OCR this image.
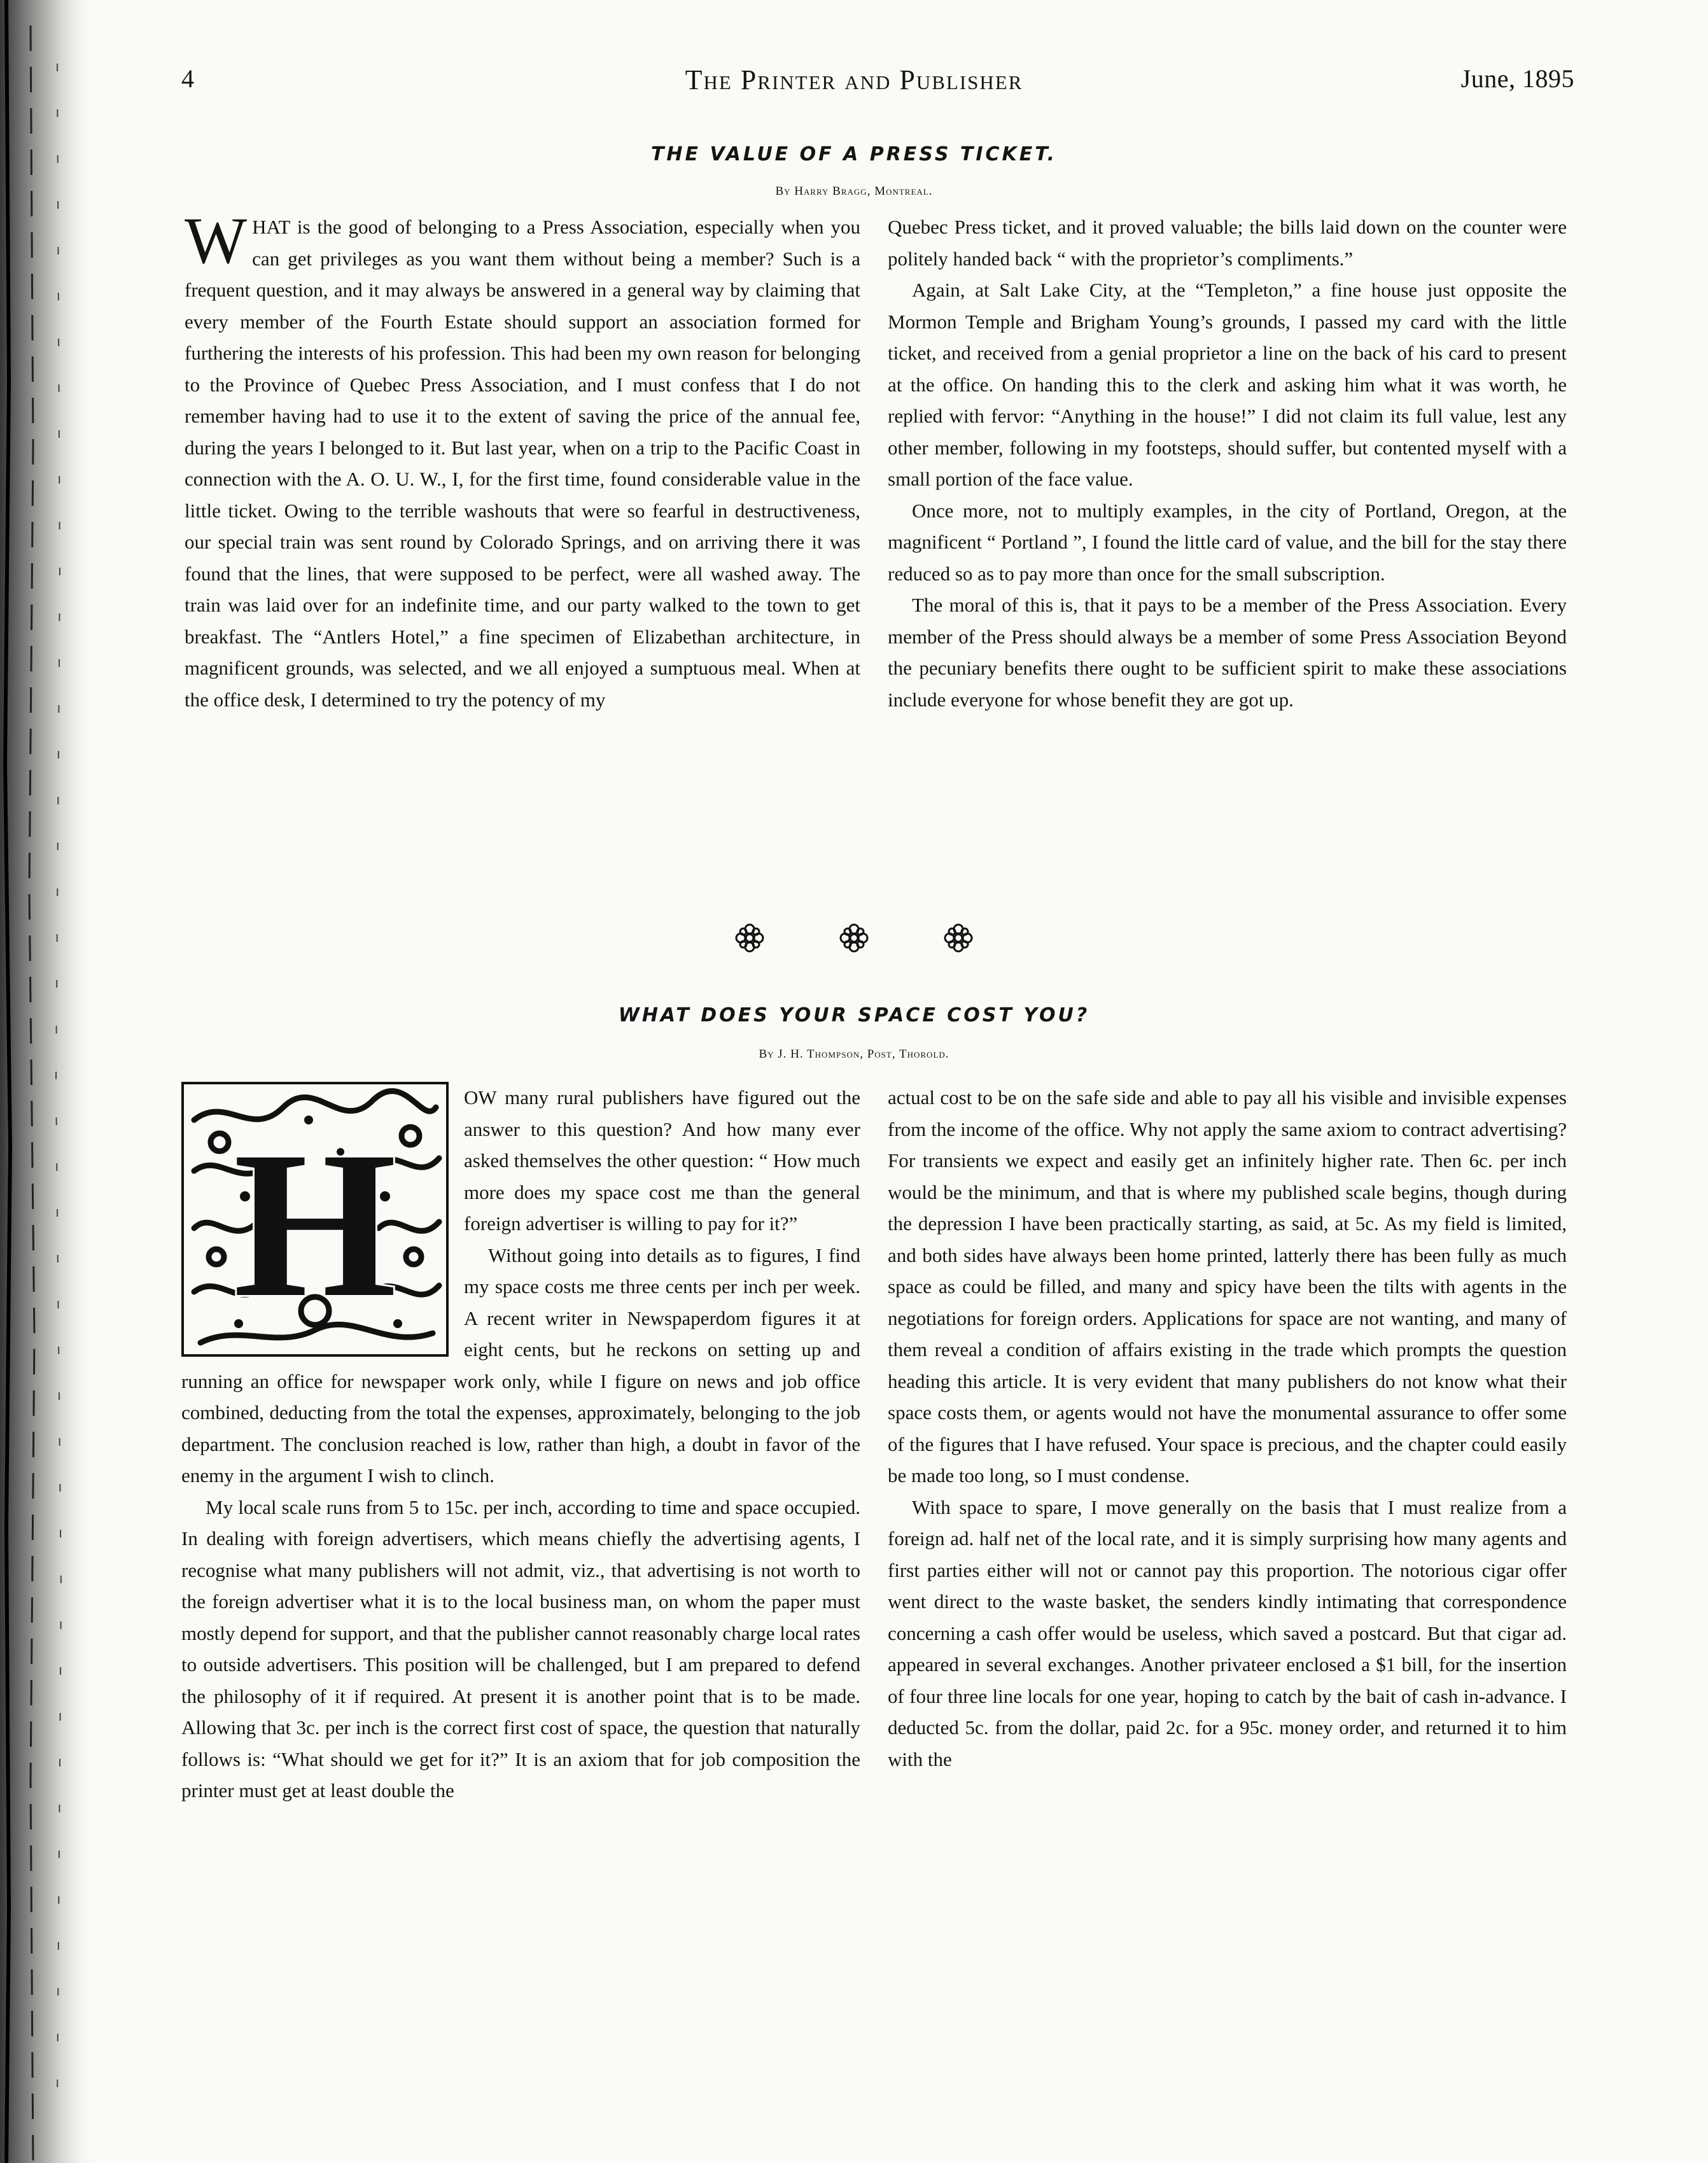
4	The Printer and Publisher	June, 1895
THE VALUE OF A PRESS TICKET.
By Harry Bragg, Montreal.

WHAT is the good of belonging to a Press Association, especially when you can get privileges as you want them without being a member? Such is a frequent question, and it may always be answered in a general way by claiming that every member of the Fourth Estate should support an association formed for furthering the interests of his profession. This had been my own reason for belonging to the Province of Quebec Press Association, and I must confess that I do not remember having had to use it to the extent of saving the price of the annual fee, during the years I belonged to it. But last year, when on a trip to the Pacific Coast in connection with the A. O. U. W., I, for the first time, found considerable value in the little ticket. Owing to the terrible washouts that were so fearful in destructiveness, our special train was sent round by Colorado Springs, and on arriving there it was found that the lines, that were supposed to be perfect, were all washed away. The train was laid over for an indefinite time, and our party walked to the town to get breakfast. The “Antlers Hotel,” a fine specimen of Elizabethan architecture, in magnificent grounds, was selected, and we all enjoyed a sumptuous meal. When at the office desk, I determined to try the potency of my

Quebec Press ticket, and it proved valuable; the bills laid down on the counter were politely handed back “ with the proprietor’s compliments.”

Again, at Salt Lake City, at the “Templeton,” a fine house just opposite the Mormon Temple and Brigham Young’s grounds, I passed my card with the little ticket, and received from a genial proprietor a line on the back of his card to present at the office. On handing this to the clerk and asking him what it was worth, he replied with fervor: “Anything in the house!” I did not claim its full value, lest any other member, following in my footsteps, should suffer, but contented myself with a small portion of the face value.

Once more, not to multiply examples, in the city of Portland, Oregon, at the magnificent “ Portland ”, I found the little card of value, and the bill for the stay there reduced so as to pay more than once for the small subscription.

The moral of this is, that it pays to be a member of the Press Association. Every member of the Press should always be a member of some Press Association Beyond the pecuniary benefits there ought to be sufficient spirit to make these associations include everyone for whose benefit they are got up.

WHAT DOES YOUR SPACE COST YOU?
By J. H. Thompson, Post, Thorold.
H

OW many rural publishers have figured out the answer to this question? And how many ever asked themselves the other question: “ How much more does my space cost me than the general foreign advertiser is willing to pay for it?”

Without going into details as to figures, I find my space costs me three cents per inch per week. A recent writer in Newspaperdom figures it at eight cents, but he reckons on setting up and running an office for newspaper work only, while I figure on news and job office combined, deducting from the total the expenses, approximately, belonging to the job department. The conclusion reached is low, rather than high, a doubt in favor of the enemy in the argument I wish to clinch.

My local scale runs from 5 to 15c. per inch, according to time and space occupied. In dealing with foreign advertisers, which means chiefly the advertising agents, I recognise what many publishers will not admit, viz., that advertising is not worth to the foreign advertiser what it is to the local business man, on whom the paper must mostly depend for support, and that the publisher cannot reasonably charge local rates to outside advertisers. This position will be challenged, but I am prepared to defend the philosophy of it if required. At present it is another point that is to be made. Allowing that 3c. per inch is the correct first cost of space, the question that naturally follows is: “What should we get for it?” It is an axiom that for job composition the printer must get at least double the

actual cost to be on the safe side and able to pay all his visible and invisible expenses from the income of the office. Why not apply the same axiom to contract advertising? For transients we expect and easily get an infinitely higher rate. Then 6c. per inch would be the minimum, and that is where my published scale begins, though during the depression I have been practically starting, as said, at 5c. As my field is limited, and both sides have always been home printed, latterly there has been fully as much space as could be filled, and many and spicy have been the tilts with agents in the negotiations for foreign orders. Applications for space are not wanting, and many of them reveal a condition of affairs existing in the trade which prompts the question heading this article. It is very evident that many publishers do not know what their space costs them, or agents would not have the monumental assurance to offer some of the figures that I have refused. Your space is precious, and the chapter could easily be made too long, so I must condense.

With space to spare, I move generally on the basis that I must realize from a foreign ad. half net of the local rate, and it is simply surprising how many agents and first parties either will not or cannot pay this proportion. The notorious cigar offer went direct to the waste basket, the senders kindly intimating that correspondence concerning a cash offer would be useless, which saved a postcard. But that cigar ad. appeared in several exchanges. Another privateer enclosed a $1 bill, for the insertion of four three line locals for one year, hoping to catch by the bait of cash in-advance. I deducted 5c. from the dollar, paid 2c. for a 95c. money order, and returned it to him with the
